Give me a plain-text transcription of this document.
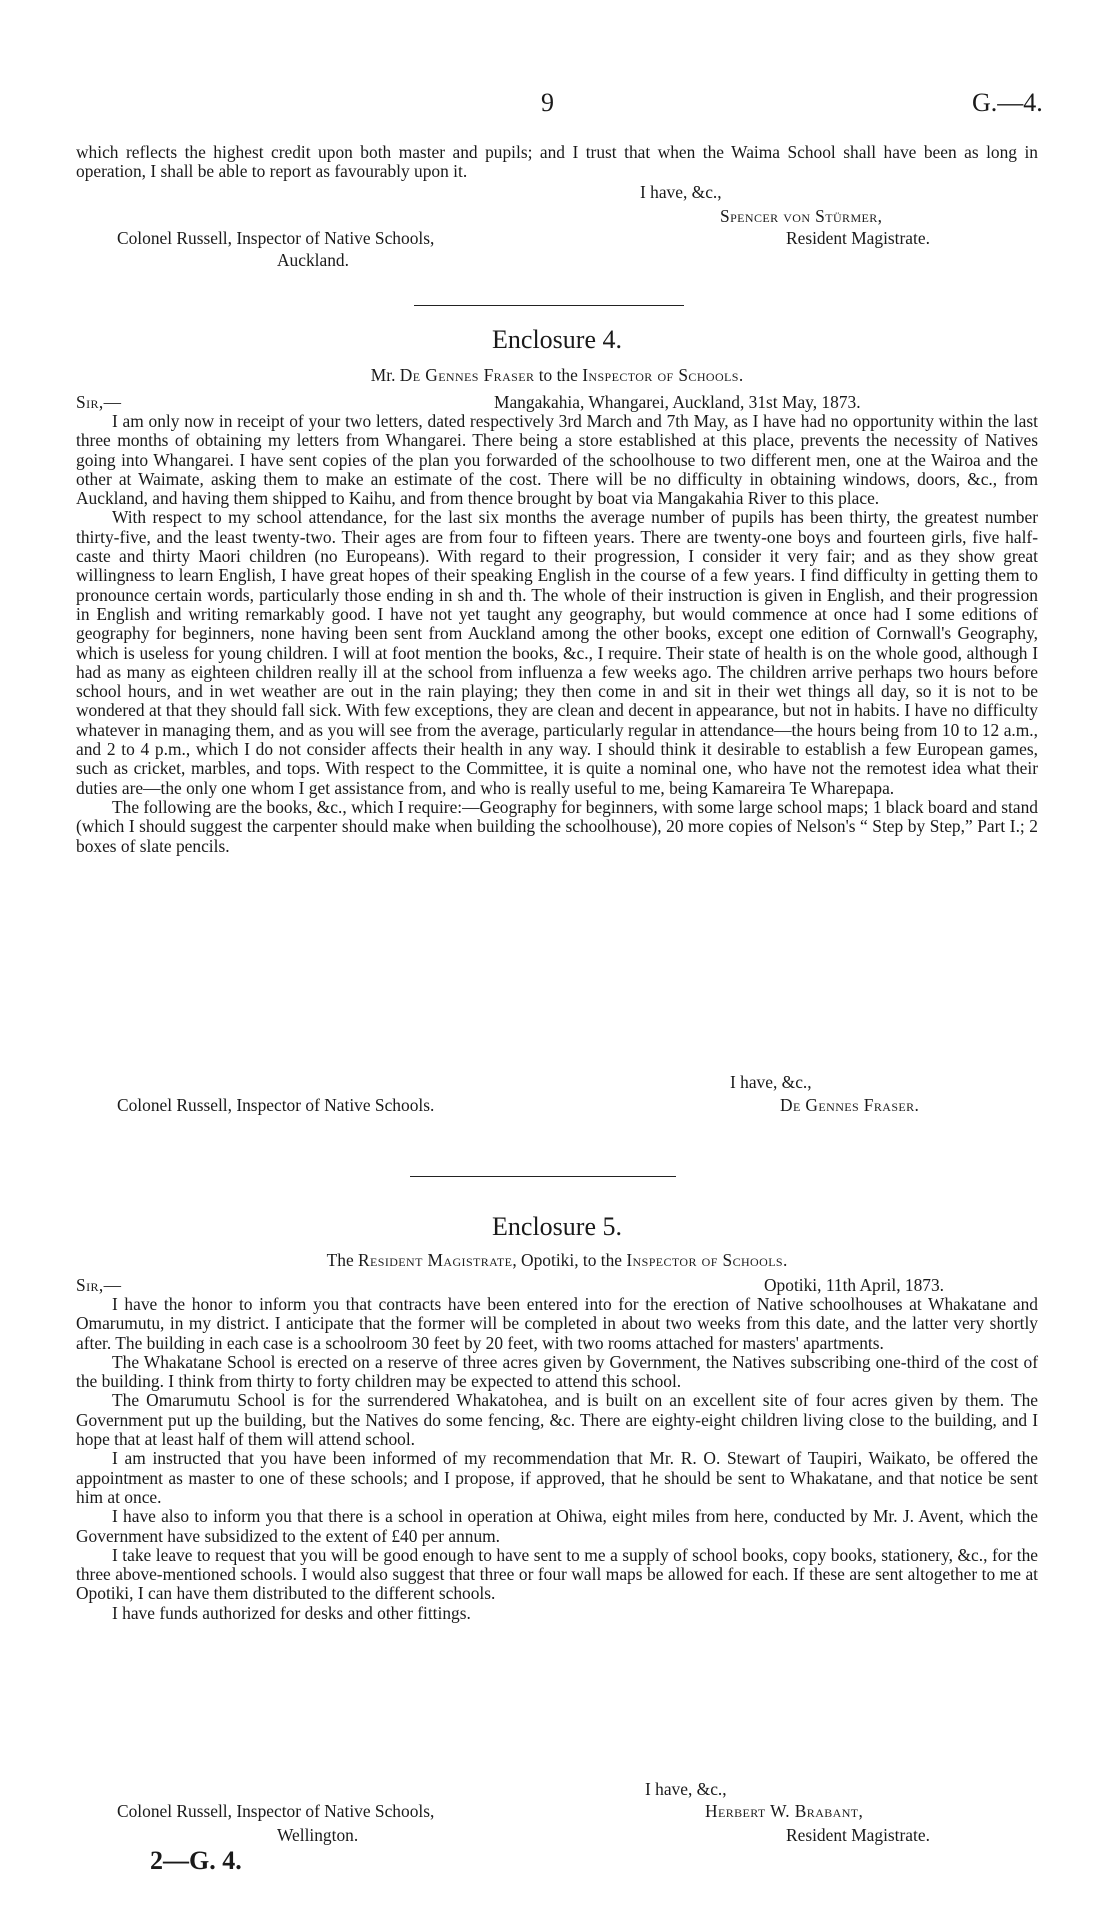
9	G.—4.

which reflects the highest credit upon both master and pupils; and I trust that when the Waima School shall have been as long in operation, I shall be able to report as favourably upon it.

I have, &c.,
Spencer von Stürmer,
Colonel Russell, Inspector of Native Schools,	Resident Magistrate.
Auckland.
Enclosure 4.
Mr. De Gennes Fraser to the Inspector of Schools.
Sir,—	Mangakahia, Whangarei, Auckland, 31st May, 1873.

I am only now in receipt of your two letters, dated respectively 3rd March and 7th May, as I have had no opportunity within the last three months of obtaining my letters from Whangarei. There being a store established at this place, prevents the necessity of Natives going into Whangarei. I have sent copies of the plan you forwarded of the schoolhouse to two different men, one at the Wairoa and the other at Waimate, asking them to make an estimate of the cost. There will be no difficulty in obtaining windows, doors, &c., from Auckland, and having them shipped to Kaihu, and from thence brought by boat via Mangakahia River to this place.

With respect to my school attendance, for the last six months the average number of pupils has been thirty, the greatest number thirty-five, and the least twenty-two. Their ages are from four to fifteen years. There are twenty-one boys and fourteen girls, five half-caste and thirty Maori children (no Europeans). With regard to their progression, I consider it very fair; and as they show great willingness to learn English, I have great hopes of their speaking English in the course of a few years. I find difficulty in getting them to pronounce certain words, particularly those ending in sh and th. The whole of their instruction is given in English, and their progression in English and writing remarkably good. I have not yet taught any geography, but would commence at once had I some editions of geography for beginners, none having been sent from Auckland among the other books, except one edition of Cornwall's Geography, which is useless for young children. I will at foot mention the books, &c., I require. Their state of health is on the whole good, although I had as many as eighteen children really ill at the school from influenza a few weeks ago. The children arrive perhaps two hours before school hours, and in wet weather are out in the rain playing; they then come in and sit in their wet things all day, so it is not to be wondered at that they should fall sick. With few exceptions, they are clean and decent in appearance, but not in habits. I have no difficulty whatever in managing them, and as you will see from the average, particularly regular in attendance—the hours being from 10 to 12 a.m., and 2 to 4 p.m., which I do not consider affects their health in any way. I should think it desirable to establish a few European games, such as cricket, marbles, and tops. With respect to the Committee, it is quite a nominal one, who have not the remotest idea what their duties are—the only one whom I get assistance from, and who is really useful to me, being Kamareira Te Wharepapa.

The following are the books, &c., which I require:—Geography for beginners, with some large school maps; 1 black board and stand (which I should suggest the carpenter should make when building the schoolhouse), 20 more copies of Nelson's “ Step by Step,” Part I.; 2 boxes of slate pencils.

I have, &c.,
Colonel Russell, Inspector of Native Schools.	De Gennes Fraser.
Enclosure 5.
The Resident Magistrate, Opotiki, to the Inspector of Schools.
Sir,—	Opotiki, 11th April, 1873.

I have the honor to inform you that contracts have been entered into for the erection of Native schoolhouses at Whakatane and Omarumutu, in my district. I anticipate that the former will be completed in about two weeks from this date, and the latter very shortly after. The building in each case is a schoolroom 30 feet by 20 feet, with two rooms attached for masters' apartments.

The Whakatane School is erected on a reserve of three acres given by Government, the Natives subscribing one-third of the cost of the building. I think from thirty to forty children may be expected to attend this school.

The Omarumutu School is for the surrendered Whakatohea, and is built on an excellent site of four acres given by them. The Government put up the building, but the Natives do some fencing, &c. There are eighty-eight children living close to the building, and I hope that at least half of them will attend school.

I am instructed that you have been informed of my recommendation that Mr. R. O. Stewart of Taupiri, Waikato, be offered the appointment as master to one of these schools; and I propose, if approved, that he should be sent to Whakatane, and that notice be sent him at once.

I have also to inform you that there is a school in operation at Ohiwa, eight miles from here, conducted by Mr. J. Avent, which the Government have subsidized to the extent of £40 per annum.

I take leave to request that you will be good enough to have sent to me a supply of school books, copy books, stationery, &c., for the three above-mentioned schools. I would also suggest that three or four wall maps be allowed for each. If these are sent altogether to me at Opotiki, I can have them distributed to the different schools.

I have funds authorized for desks and other fittings.

I have, &c.,
Colonel Russell, Inspector of Native Schools,	Herbert W. Brabant,
Wellington.	Resident Magistrate.
2—G. 4.
